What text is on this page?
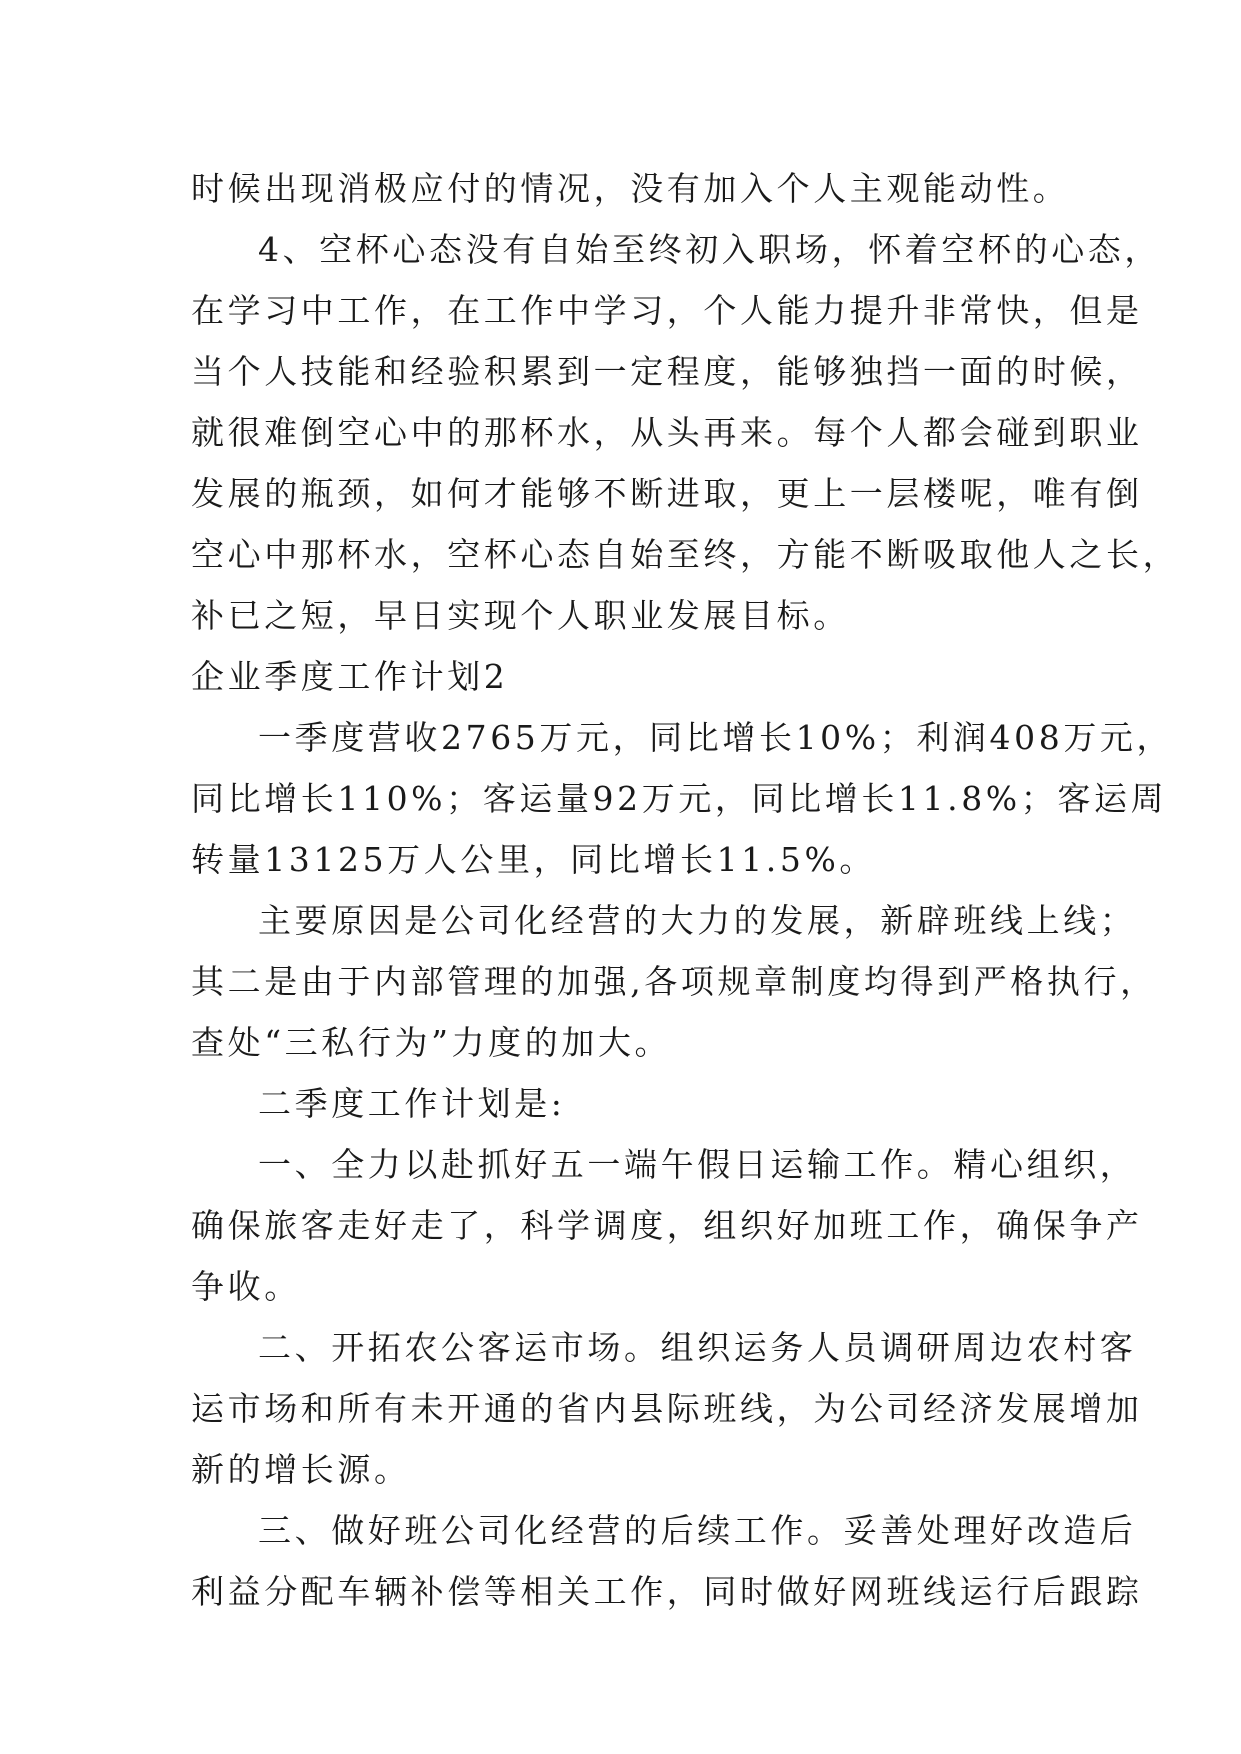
时候出现消极应付的情况，没有加入个人主观能动性。
4、空杯心态没有自始至终初入职场，怀着空杯的心态，
在学习中工作，在工作中学习，个人能力提升非常快，但是
当个人技能和经验积累到一定程度，能够独挡一面的时候，
就很难倒空心中的那杯水，从头再来。每个人都会碰到职业
发展的瓶颈，如何才能够不断进取，更上一层楼呢，唯有倒
空心中那杯水，空杯心态自始至终，方能不断吸取他人之长，
补已之短，早日实现个人职业发展目标。
企业季度工作计划2
一季度营收2765万元，同比增长10%；利润408万元，
同比增长110%；客运量92万元，同比增长11.8%；客运周
转量13125万人公里，同比增长11.5%。
主要原因是公司化经营的大力的发展，新辟班线上线；
其二是由于内部管理的加强,各项规章制度均得到严格执行，
查处“三私行为”力度的加大。
二季度工作计划是:
一、全力以赴抓好五一端午假日运输工作。精心组织，
确保旅客走好走了，科学调度，组织好加班工作，确保争产
争收。
二、开拓农公客运市场。组织运务人员调研周边农村客
运市场和所有未开通的省内县际班线，为公司经济发展增加
新的增长源。
三、做好班公司化经营的后续工作。妥善处理好改造后
利益分配车辆补偿等相关工作，同时做好网班线运行后跟踪
